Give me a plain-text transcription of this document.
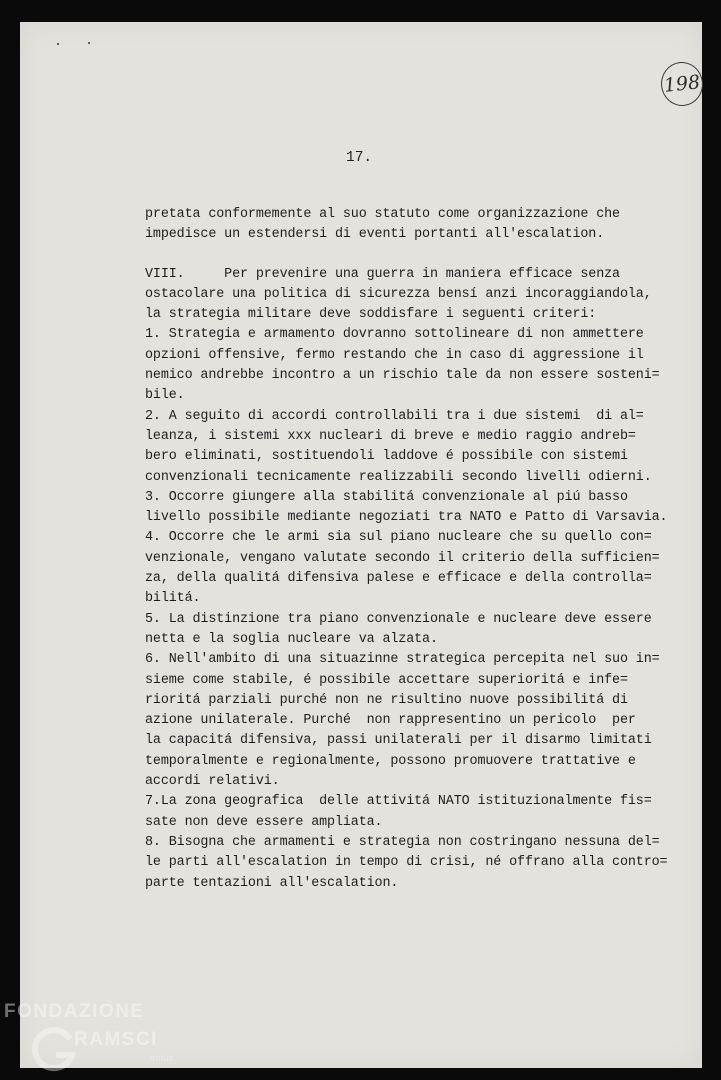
198
17.
pretata conformemente al suo statuto come organizzazione che
impedisce un estendersi di eventi portanti all'escalation.
VIII.     Per prevenire una guerra in maniera efficace senza
ostacolare una politica di sicurezza bensí anzi incoraggiandola,
la strategia militare deve soddisfare i seguenti criteri:
1. Strategia e armamento dovranno sottolineare di non ammettere
opzioni offensive, fermo restando che in caso di aggressione il
nemico andrebbe incontro a un rischio tale da non essere sosteni=
bile.
2. A seguito di accordi controllabili tra i due sistemi  di al=
leanza, i sistemi xxx nucleari di breve e medio raggio andreb=
bero eliminati, sostituendoli laddove é possibile con sistemi
convenzionali tecnicamente realizzabili secondo livelli odierni.
3. Occorre giungere alla stabilitá convenzionale al piú basso
livello possibile mediante negoziati tra NATO e Patto di Varsavia.
4. Occorre che le armi sia sul piano nucleare che su quello con=
venzionale, vengano valutate secondo il criterio della sufficien=
za, della qualitá difensiva palese e efficace e della controlla=
bilitá.
5. La distinzione tra piano convenzionale e nucleare deve essere
netta e la soglia nucleare va alzata.
6. Nell'ambito di una situazinne strategica percepita nel suo in=
sieme come stabile, é possibile accettare superioritá e infe=
rioritá parziali purché non ne risultino nuove possibilitá di
azione unilaterale. Purché  non rappresentino un pericolo  per
la capacitá difensiva, passi unilaterali per il disarmo limitati
temporalmente e regionalmente, possono promuovere trattative e
accordi relativi.
7.La zona geografica  delle attivitá NATO istituzionalmente fis=
sate non deve essere ampliata.
8. Bisogna che armamenti e strategia non costringano nessuna del=
le parti all'escalation in tempo di crisi, né offrano alla contro=
parte tentazioni all'escalation.
FONDAZIONE
RAMSCI
onlus
